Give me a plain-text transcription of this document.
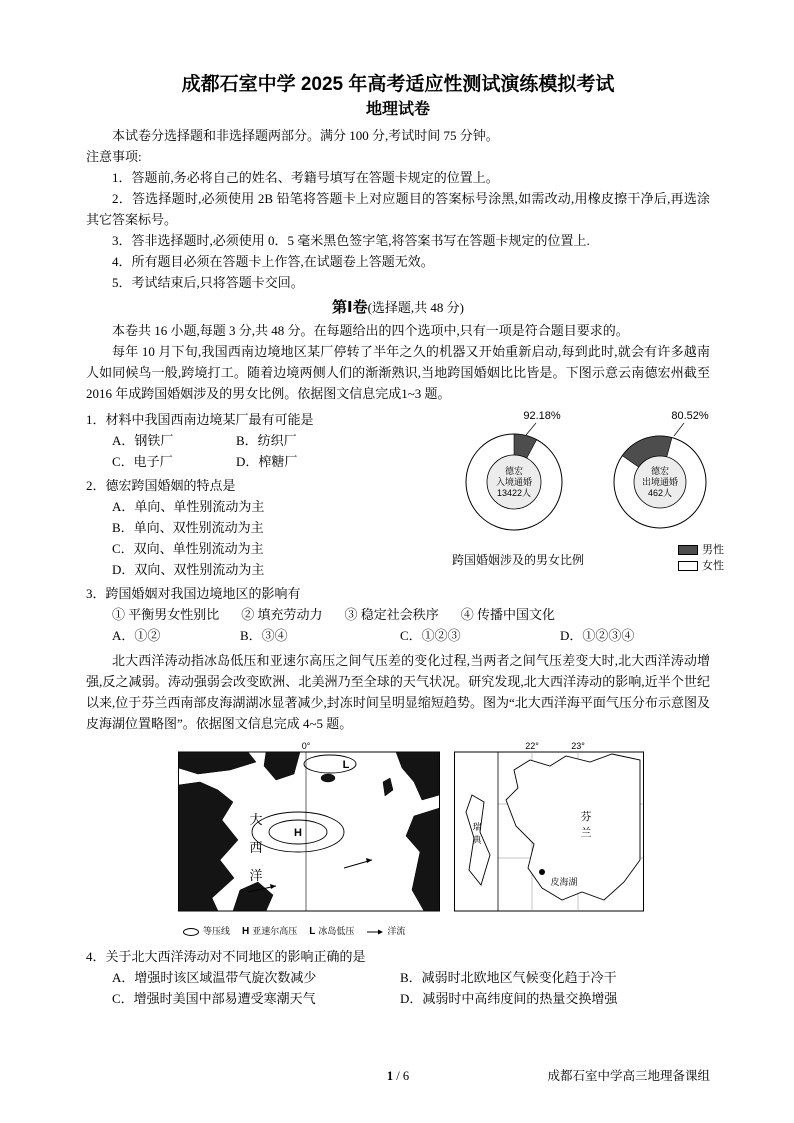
成都石室中学 2025 年高考适应性测试演练模拟考试
地理试卷

本试卷分选择题和非选择题两部分。满分 100 分,考试时间 75 分钟。

注意事项:

1．答题前,务必将自己的姓名、考籍号填写在答题卡规定的位置上。

2．答选择题时,必须使用 2B 铅笔将答题卡上对应题目的答案标号涂黑,如需改动,用橡皮擦干净后,再选涂其它答案标号。

3．答非选择题时,必须使用 0．5 毫米黑色签字笔,将答案书写在答题卡规定的位置上.

4．所有题目必须在答题卡上作答,在试题卷上答题无效。

5．考试结束后,只将答题卡交回。

第Ⅰ卷(选择题,共 48 分)

本卷共 16 小题,每题 3 分,共 48 分。在每题给出的四个选项中,只有一项是符合题目要求的。

每年 10 月下旬,我国西南边境地区某厂停转了半年之久的机器又开始重新启动,每到此时,就会有许多越南人如同候鸟一般,跨境打工。随着边境两侧人们的渐渐熟识,当地跨国婚姻比比皆是。下图示意云南德宏州截至 2016 年成跨国婚姻涉及的男女比例。依据图文信息完成1~3 题。

1．材料中我国西南边境某厂最有可能是

A．钢铁厂	B．纺织厂
C．电子厂	D．榨糖厂

2．德宏跨国婚姻的特点是

A．单向、单性别流动为主

B．单向、双性别流动为主

C．双向、单性别流动为主

D．双向、双性别流动为主

92.18%
德宏
入境通婚
13422人
80.52%
德宏
出境通婚
462人
跨国婚姻涉及的男女比例
男性
女性

3．跨国婚姻对我国边境地区的影响有

① 平衡男女性别比 ② 填充劳动力 ③ 稳定社会秩序 ④ 传播中国文化
A．①②	B．③④	C．①②③	D．①②③④

北大西洋涛动指冰岛低压和亚速尔高压之间气压差的变化过程,当两者之间气压差变大时,北大西洋涛动增强,反之减弱。涛动强弱会改变欧洲、北美洲乃至全球的天气状况。研究发现,北大西洋涛动的影响,近半个世纪以来,位于芬兰西南部皮海湖湖冰显著减少,封冻时间呈明显缩短趋势。图为“北大西洋海平面气压分布示意图及皮海湖位置略图”。依据图文信息完成 4~5 题。

0°
H
L
大
西
洋
等压线 H 亚速尔高压 L 冰岛低压	洋流
22°	23°
瑞
典
芬
兰
皮海湖

4．关于北大西洋涛动对不同地区的影响正确的是

A．增强时该区域温带气旋次数减少	B．减弱时北欧地区气候变化趋于冷干
C．增强时美国中部易遭受寒潮天气	D．减弱时中高纬度间的热量交换增强
1 / 6	成都石室中学高三地理备课组
